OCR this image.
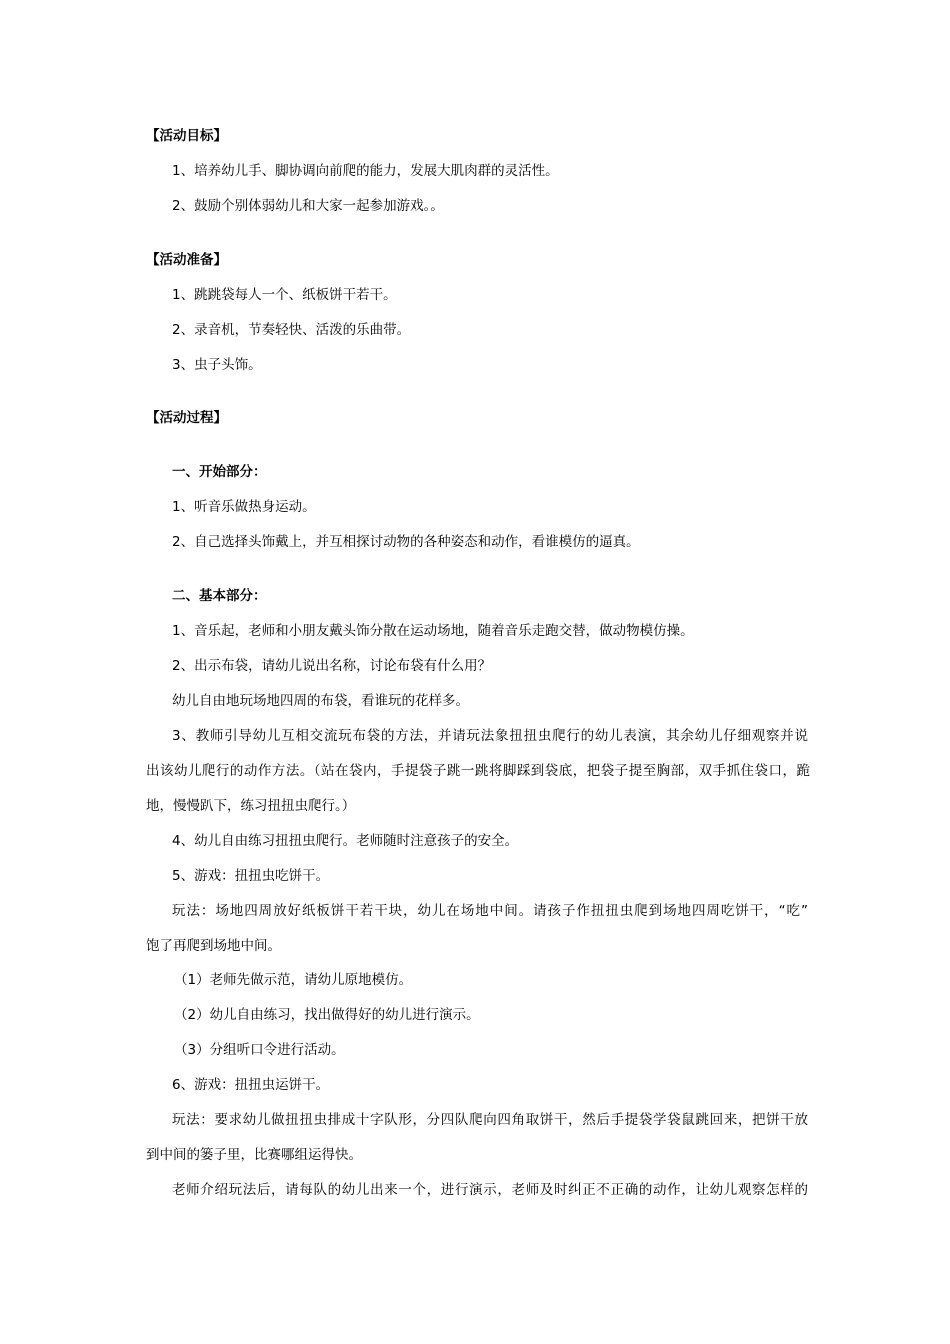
【活动目标】
1、培养幼儿手、脚协调向前爬的能力，发展大肌肉群的灵活性。
2、鼓励个别体弱幼儿和大家一起参加游戏。。
【活动准备】
1、跳跳袋每人一个、纸板饼干若干。
2、录音机，节奏轻快、活泼的乐曲带。
3、虫子头饰。
【活动过程】
一、开始部分：
1、听音乐做热身运动。
2、自己选择头饰戴上，并互相探讨动物的各种姿态和动作，看谁模仿的逼真。
二、基本部分：
1、音乐起，老师和小朋友戴头饰分散在运动场地，随着音乐走跑交替，做动物模仿操。
2、出示布袋，请幼儿说出名称，讨论布袋有什么用？
幼儿自由地玩场地四周的布袋，看谁玩的花样多。
3、教师引导幼儿互相交流玩布袋的方法，并请玩法象扭扭虫爬行的幼儿表演，其余幼儿仔细观察并说
出该幼儿爬行的动作方法。（站在袋内，手提袋子跳一跳将脚踩到袋底，把袋子提至胸部，双手抓住袋口，跪
地，慢慢趴下，练习扭扭虫爬行。）
4、幼儿自由练习扭扭虫爬行。老师随时注意孩子的安全。
5、游戏：扭扭虫吃饼干。
玩法：场地四周放好纸板饼干若干块，幼儿在场地中间。请孩子作扭扭虫爬到场地四周吃饼干，“吃”
饱了再爬到场地中间。
（1）老师先做示范，请幼儿原地模仿。
（2）幼儿自由练习，找出做得好的幼儿进行演示。
（3）分组听口令进行活动。
6、游戏：扭扭虫运饼干。
玩法：要求幼儿做扭扭虫排成十字队形，分四队爬向四角取饼干，然后手提袋学袋鼠跳回来，把饼干放
到中间的篓子里，比赛哪组运得快。
老师介绍玩法后，请每队的幼儿出来一个，进行演示，老师及时纠正不正确的动作，让幼儿观察怎样的
